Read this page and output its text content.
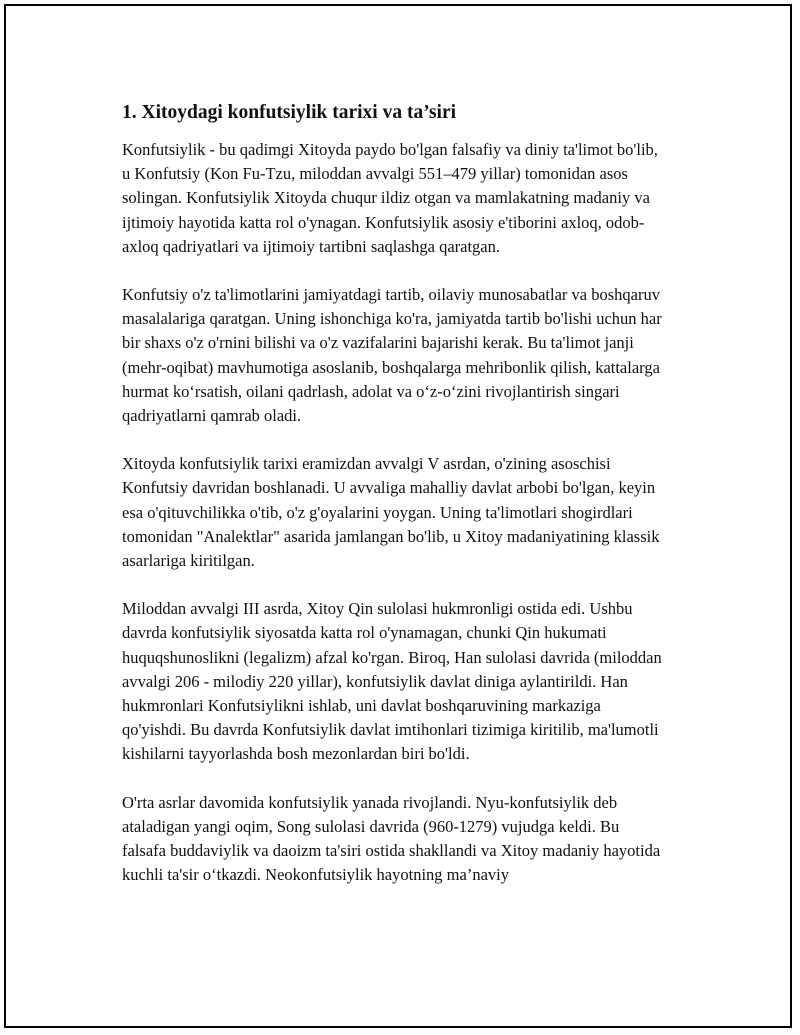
1. Xitoydagi konfutsiylik tarixi va ta’siri

Konfutsiylik - bu qadimgi Xitoyda paydo bo'lgan falsafiy va diniy ta'limot bo'lib, u Konfutsiy (Kon Fu-Tzu, miloddan avvalgi 551–479 yillar) tomonidan asos solingan. Konfutsiylik Xitoyda chuqur ildiz otgan va mamlakatning madaniy va ijtimoiy hayotida katta rol o'ynagan. Konfutsiylik asosiy e'tiborini axloq, odob-axloq qadriyatlari va ijtimoiy tartibni saqlashga qaratgan.

Konfutsiy o'z ta'limotlarini jamiyatdagi tartib, oilaviy munosabatlar va boshqaruv masalalariga qaratgan. Uning ishonchiga ko'ra, jamiyatda tartib bo'lishi uchun har bir shaxs o'z o'rnini bilishi va o'z vazifalarini bajarishi kerak. Bu ta'limot janji (mehr-oqibat) mavhumotiga asoslanib, boshqalarga mehribonlik qilish, kattalarga hurmat ko‘rsatish, oilani qadrlash, adolat va o‘z-o‘zini rivojlantirish singari qadriyatlarni qamrab oladi.

Xitoyda konfutsiylik tarixi eramizdan avvalgi V asrdan, o'zining asoschisi Konfutsiy davridan boshlanadi. U avvaliga mahalliy davlat arbobi bo'lgan, keyin esa o'qituvchilikka o'tib, o'z g'oyalarini yoygan. Uning ta'limotlari shogirdlari tomonidan "Analektlar" asarida jamlangan bo'lib, u Xitoy madaniyatining klassik asarlariga kiritilgan.

Miloddan avvalgi III asrda, Xitoy Qin sulolasi hukmronligi ostida edi. Ushbu davrda konfutsiylik siyosatda katta rol o'ynamagan, chunki Qin hukumati huquqshunoslikni (legalizm) afzal ko'rgan. Biroq, Han sulolasi davrida (miloddan avvalgi 206 - milodiy 220 yillar), konfutsiylik davlat diniga aylantirildi. Han hukmronlari Konfutsiylikni ishlab, uni davlat boshqaruvining markaziga qo'yishdi. Bu davrda Konfutsiylik davlat imtihonlari tizimiga kiritilib, ma'lumotli kishilarni tayyorlashda bosh mezonlardan biri bo'ldi.

O'rta asrlar davomida konfutsiylik yanada rivojlandi. Nyu-konfutsiylik deb ataladigan yangi oqim, Song sulolasi davrida (960-1279) vujudga keldi. Bu falsafa buddaviylik va daoizm ta'siri ostida shakllandi va Xitoy madaniy hayotida kuchli ta'sir o‘tkazdi. Neokonfutsiylik hayotning ma’naviy
